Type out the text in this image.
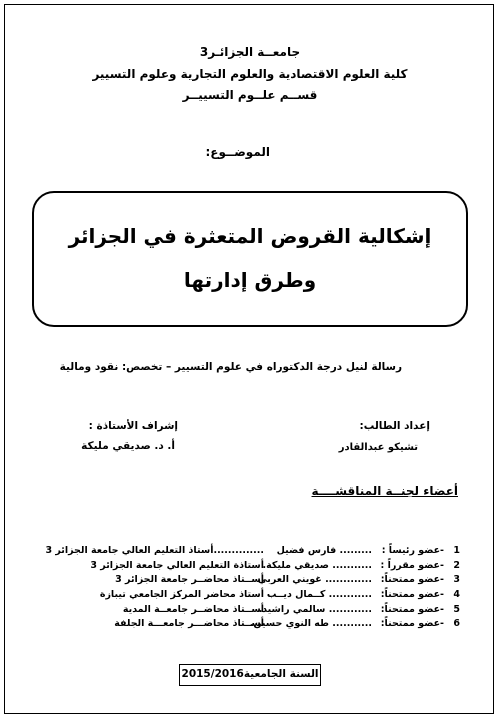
جامعــة الجزائـر3
كلية العلوم الاقتصادية والعلوم التجارية وعلوم التسيير
قســم علــوم التسييــر
الموضــوع:
إشكالية القروض المتعثرة في الجزائر
وطرق إدارتها
رسالة لنيل درجة الدكتوراه في علوم التسيير – تخصص: نقود ومالية
إعداد الطالب:
تشيكو عبدالقادر
إشراف الأستاذة :
أ. د. صديقي مليكة
أعضاء لجنــة المناقشــــة
1
-عضو رئيساً :
......... فارس فضيل
..............أستاذ التعليم العالي جامعة الجزائر 3
2
-عضو مقرراً :
........... صديقي مليكة.
أستاذة التعليم العالي جامعة الجزائر 3
3
-عضو ممتحناً:
............. غويني العربي
أســتاذ محاضــر جامعة الجزائر 3
4
-عضو ممتحناً:
............ كــمال ديــب
أستاذ محاضر المركز الجامعي تيبازة
5
-عضو ممتحناً:
............ سالمي راشيد.
أســتاذ محاضــر جامعــة المدية
6
-عضو ممتحناً:
........... طه النوي حسين.
أســتاذ محاضـــر جامعـــة الجلفة
السنة الجامعية2015/2016
